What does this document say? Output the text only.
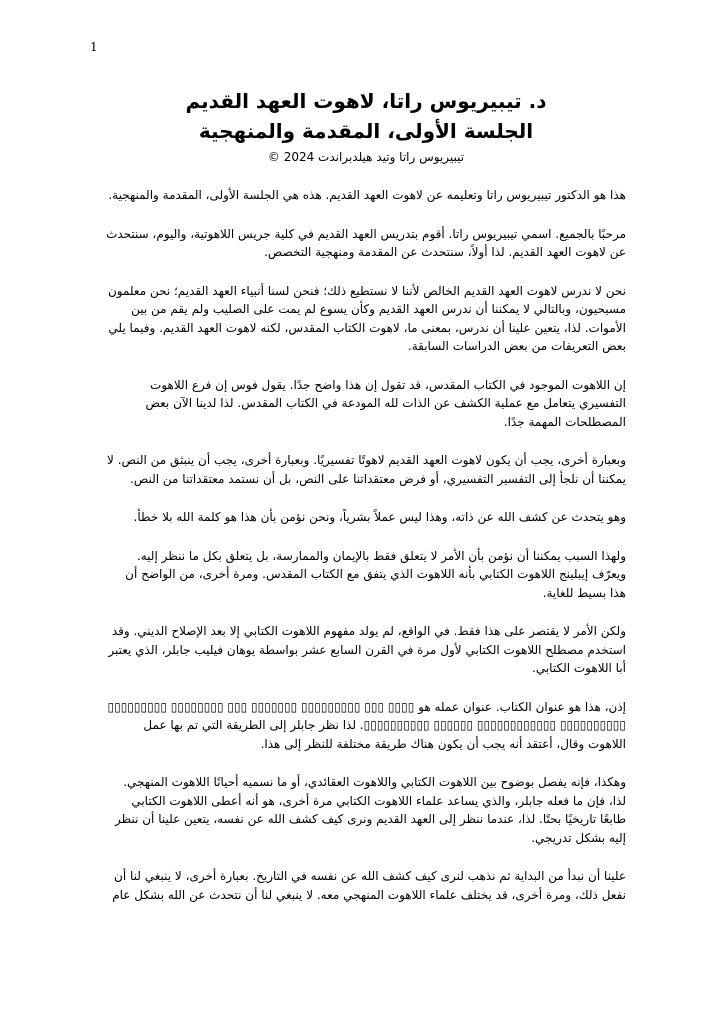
1
د. تيبيريوس راتا، لاهوت العهد القديم
الجلسة الأولى، المقدمة والمنهجية

تيبيريوس راتا وتيد هيلدبراندت 2024 ©

هذا هو الدكتور تيبيريوس راتا وتعليمه عن لاهوت العهد القديم. هذه هي الجلسة الأولى، المقدمة والمنهجية.

مرحبًا بالجميع. اسمي تيبيريوس راتا. أقوم بتدريس العهد القديم في كلية جريس اللاهوتية، واليوم، سنتحدث عن لاهوت العهد القديم. لذا أولاً، سنتحدث عن المقدمة ومنهجية التخصص.

نحن لا ندرس لاهوت العهد القديم الخالص لأننا لا نستطيع ذلك؛ فنحن لسنا أنبياء العهد القديم؛ نحن معلمون مسيحيون، وبالتالي لا يمكننا أن ندرس العهد القديم وكأن يسوع لم يمت على الصليب ولم يقم من بين الأموات. لذا، يتعين علينا أن ندرس، بمعنى ما، لاهوت الكتاب المقدس، لكنه لاهوت العهد القديم. وفيما يلي بعض التعريفات من بعض الدراسات السابقة.

إن اللاهوت الموجود في الكتاب المقدس، قد تقول إن هذا واضح جدًا. يقول فوس إن فرع اللاهوت التفسيري يتعامل مع عملية الكشف عن الذات لله المودعة في الكتاب المقدس. لذا لدينا الآن بعض المصطلحات المهمة جدًا.

وبعبارة أخرى، يجب أن يكون لاهوت العهد القديم لاهوتًا تفسيريًا. وبعبارة أخرى، يجب أن ينبثق من النص. لا يمكننا أن نلجأ إلى التفسير التفسيري، أو فرض معتقداتنا على النص، بل أن نستمد معتقداتنا من النص.

وهو يتحدث عن كشف الله عن ذاته، وهذا ليس عملاً بشرياً، ونحن نؤمن بأن هذا هو كلمة الله بلا خطأ.

ولهذا السبب يمكننا أن نؤمن بأن الأمر لا يتعلق فقط بالإيمان والممارسة، بل يتعلق بكل ما ننظر إليه. ويعرّف إيبلينج اللاهوت الكتابي بأنه اللاهوت الذي يتفق مع الكتاب المقدس. ومرة أخرى، من الواضح أن هذا بسيط للغاية.

ولكن الأمر لا يقتصر على هذا فقط. في الواقع، لم يولد مفهوم اللاهوت الكتابي إلا بعد الإصلاح الديني. وقد استخدم مصطلح اللاهوت الكتابي لأول مرة في القرن السابع عشر بواسطة يوهان فيليب جابلر، الذي يعتبر أبا اللاهوت الكتابي.

إذن، هذا هو عنوان الكتاب. عنوان عمله هو ▯▯▯▯ ▯▯▯ ▯▯▯▯▯▯▯▯▯ ▯▯▯▯▯▯▯ ▯▯▯ ▯▯▯▯▯▯▯▯ ▯▯▯▯▯▯▯▯▯ ▯▯▯▯▯▯▯▯▯▯ ▯▯▯▯▯▯▯▯▯▯▯▯ ▯▯▯▯▯▯ ▯▯▯▯▯▯▯▯▯▯. لذا نظر جابلر إلى الطريقة التي تم بها عمل اللاهوت وقال، أعتقد أنه يجب أن يكون هناك طريقة مختلفة للنظر إلى هذا.

وهكذا، فإنه يفصل بوضوح بين اللاهوت الكتابي واللاهوت العقائدي، أو ما نسميه أحيانًا اللاهوت المنهجي. لذا، فإن ما فعله جابلر، والذي يساعد علماء اللاهوت الكتابي مرة أخرى، هو أنه أعطى اللاهوت الكتابي طابعًا تاريخيًا بحتًا. لذا، عندما ننظر إلى العهد القديم ونرى كيف كشف الله عن نفسه، يتعين علينا أن ننظر إليه بشكل تدريجي.

علينا أن نبدأ من البداية ثم نذهب لنرى كيف كشف الله عن نفسه في التاريخ. بعبارة أخرى، لا ينبغي لنا أن نفعل ذلك، ومرة أخرى، قد يختلف علماء اللاهوت المنهجي معه. لا ينبغي لنا أن نتحدث عن الله بشكل عام
